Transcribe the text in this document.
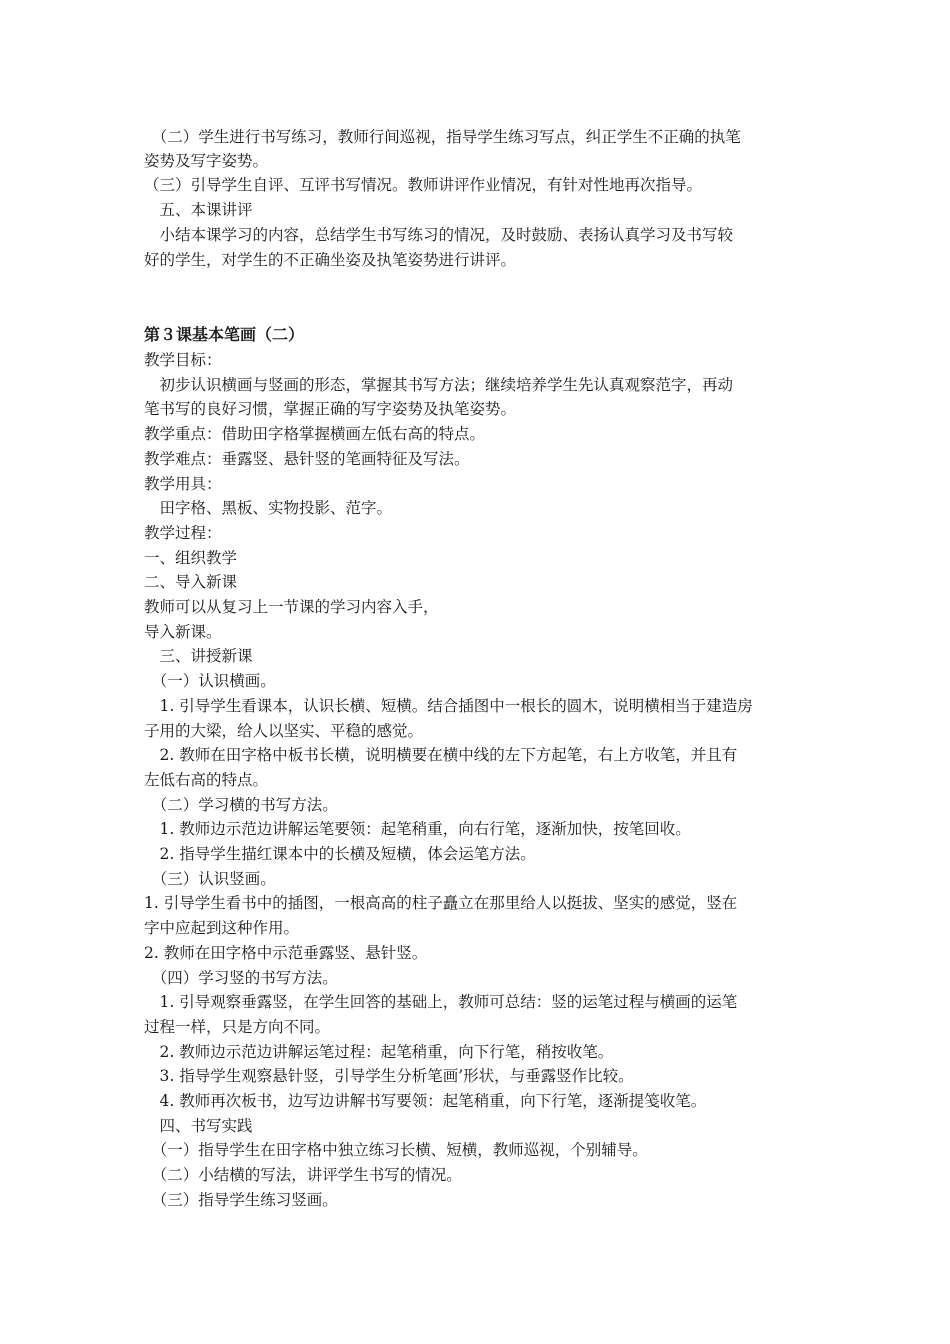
　（二）学生进行书写练习，教师行间巡视，指导学生练习写点，纠正学生不正确的执笔
姿势及写字姿势。
（三）引导学生自评、互评书写情况。教师讲评作业情况，有针对性地再次指导。
　五、本课讲评
　小结本课学习的内容，总结学生书写练习的情况，及时鼓励、表扬认真学习及书写较
好的学生，对学生的不正确坐姿及执笔姿势进行讲评。
第３课基本笔画（二）
教学目标：
　初步认识横画与竖画的形态，掌握其书写方法；继续培养学生先认真观察范字，再动
笔书写的良好习惯，掌握正确的写字姿势及执笔姿势。
教学重点：借助田字格掌握横画左低右高的特点。
教学难点：垂露竖、悬针竖的笔画特征及写法。
教学用具：
　田字格、黑板、实物投影、范字。
教学过程：
一、组织教学
二、导入新课
教师可以从复习上一节课的学习内容入手，
导入新课。
　三、讲授新课
　（一）认识横画。
　1. 引导学生看课本，认识长横、短横。结合插图中一根长的圆木，说明横相当于建造房
子用的大梁，给人以坚实、平稳的感觉。
　2. 教师在田字格中板书长横，说明横要在横中线的左下方起笔，右上方收笔，并且有
左低右高的特点。
　（二）学习横的书写方法。
　1. 教师边示范边讲解运笔要领：起笔稍重，向右行笔，逐渐加快，按笔回收。
　2. 指导学生描红课本中的长横及短横，体会运笔方法。
　（三）认识竖画。
1. 引导学生看书中的插图，一根高高的柱子矗立在那里给人以挺拔、坚实的感觉，竖在
字中应起到这种作用。
2. 教师在田字格中示范垂露竖、悬针竖。
　（四）学习竖的书写方法。
　1. 引导观察垂露竖，在学生回答的基础上，教师可总结：竖的运笔过程与横画的运笔
过程一样，只是方向不同。
　2. 教师边示范边讲解运笔过程：起笔稍重，向下行笔，稍按收笔。
　3. 指导学生观察悬针竖，引导学生分析笔画’形状，与垂露竖作比较。
　4. 教师再次板书，边写边讲解书写要领：起笔稍重，向下行笔，逐渐提笺收笔。
　四、书写实践
　（一）指导学生在田字格中独立练习长横、短横，教师巡视，个别辅导。
　（二）小结横的写法，讲评学生书写的情况。
　（三）指导学生练习竖画。
